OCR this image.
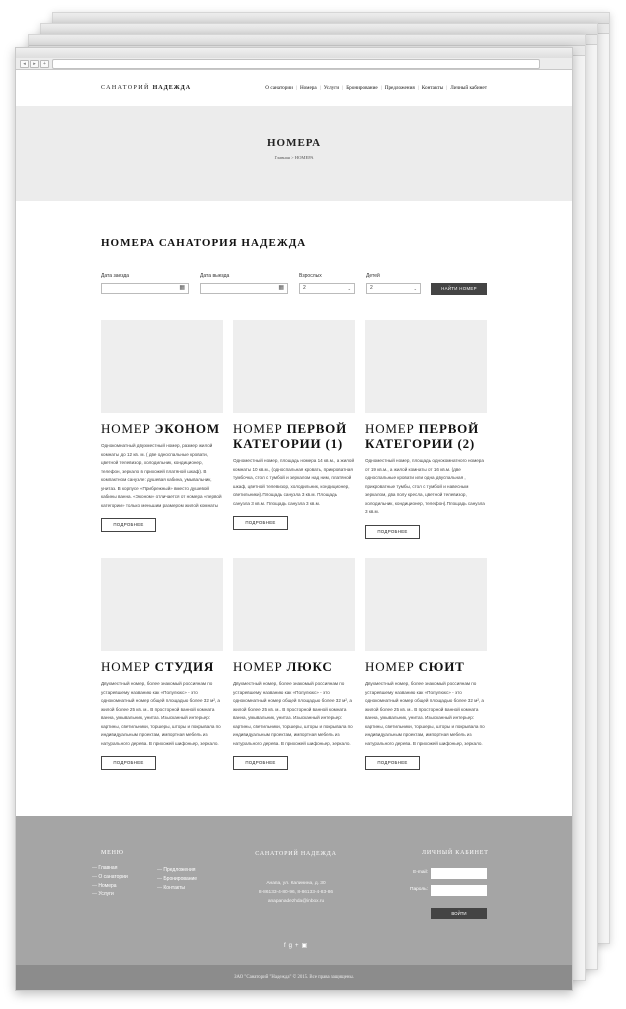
◂	▸	+
САНАТОРИЙ НАДЕЖДА	О санатории | Номера | Услуги | Бронирование | Предложения | Контакты | Личный кабинет
НОМЕРА
Главная > НОМЕРА
НОМЕРА САНАТОРИЯ НАДЕЖДА
Дата заезда
▦
Дата выезда
▦
Взрослых
2	⌄
Детей
2	⌄	НАЙТИ НОМЕР
НОМЕР ЭКОНОМ
Однокомнатный двухместный номер, размер жилой комнаты до 12 кв. м. ( две односпальные кровати, цветной телевизор, холодильник, кондиционер, телефон, зеркало в прихожей платяной шкаф). В компактном санузле: душевая кабина, умывальник, унитаз. В корпусе «Прибрежный» вместо душевой кабины ванна. «Эконом» отличается от номера «первой категории» только меньшим размером жилой комнаты
ПОДРОБНЕЕ
НОМЕР ПЕРВОЙ КАТЕГОРИИ (1)
Одноместный номер, площадь номера 14 кв.м., а жилой комнаты 10 кв.м., (односпальная кровать, прикроватная тумбочка, стол с тумбой и зеркалом над ним, платяной шкаф, цветной телевизор, холодильник, кондиционер, светильники).Площадь санузла 3 кв.м. Площадь санузла 3 кв.м. Площадь санузла 3 кв.м.
ПОДРОБНЕЕ
НОМЕР ПЕРВОЙ КАТЕГОРИИ (2)
Одноместный номер, площадь однокомнатного номера от 19 кв.м., а жилой комнаты от 16 кв.м. (две односпальные кровати или одна двуспальная , прикроватные тумбы, стол с тумбой и навесным зеркалом, два полу кресла, цветной телевизор, холодильник, кондиционер, телефон).Площадь санузла 3 кв.м.
ПОДРОБНЕЕ
НОМЕР СТУДИЯ
Двухместный номер, более знакомый россиянам по устаревшему названию как «Полулюкс» - это однокомнатный номер общей площадью более 32 м², а жилой более 25 кв. м.. В просторной ванной комната ванна, умывальник, унитаз. Изысканный интерьер: картины, светильники, торшеры, шторы и покрывала по индивидуальным проектам, импортная мебель из натурального дерева. В прихожей шифоньер, зеркало.
ПОДРОБНЕЕ
НОМЕР ЛЮКС
Двухместный номер, более знакомый россиянам по устаревшему названию как «Полулюкс» - это однокомнатный номер общей площадью более 32 м², а жилой более 25 кв. м.. В просторной ванной комната ванна, умывальник, унитаз. Изысканный интерьер: картины, светильники, торшеры, шторы и покрывала по индивидуальным проектам, импортная мебель из натурального дерева. В прихожей шифоньер, зеркало.
ПОДРОБНЕЕ
НОМЕР СЮИТ
Двухместный номер, более знакомый россиянам по устаревшему названию как «Полулюкс» - это однокомнатный номер общей площадью более 32 м², а жилой более 25 кв. м.. В просторной ванной комната ванна, умывальник, унитаз. Изысканный интерьер: картины, светильники, торшеры, шторы и покрывала по индивидуальным проектам, импортная мебель из натурального дерева. В прихожей шифоньер, зеркало.
ПОДРОБНЕЕ
МЕНЮ
— Главная
— О санатории
— Номера
— Услуги
— Предложения
— Бронирование
— Контакты
САНАТОРИЙ НАДЕЖДА
Анапа, ул. Калинина, д. 30
8-86133-4-80-96, 8-86133-4-83-86
anapanadezhda@inbox.ru
ЛИЧНЫЙ КАБИНЕТ
E-mail:
Пароль:
ВОЙТИ
fg+▣
ЗАО "Санаторий "Надежда" © 2015. Все права защищены.
